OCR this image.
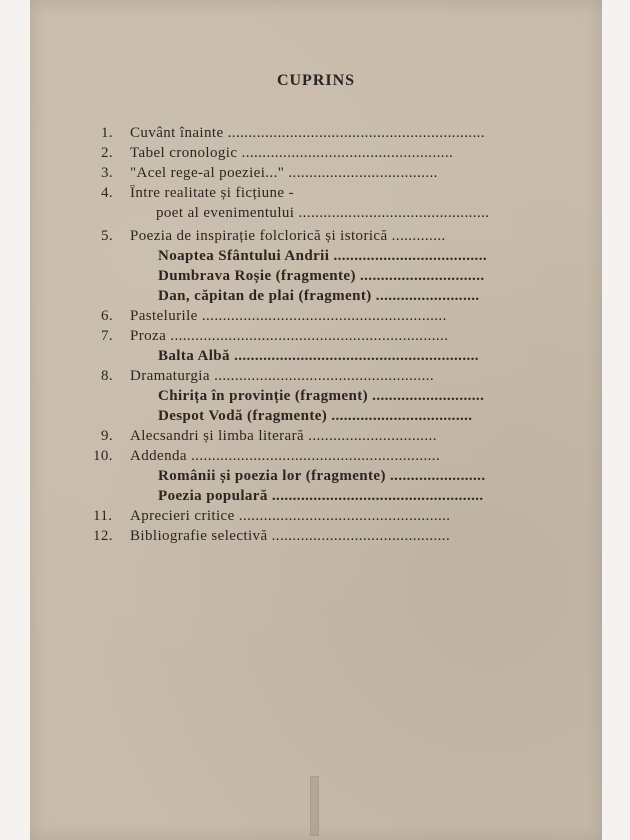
CUPRINS
1. Cuvânt înainte ..............................................................
2. Tabel cronologic ...................................................
3. "Acel rege-al poeziei..." ....................................
4. Între realitate și ficțiune -
poet al evenimentului ..............................................
5. Poezia de inspirație folclorică și istorică .............
Noaptea Sfântului Andrii .....................................
Dumbrava Roșie (fragmente) ..............................
Dan, căpitan de plai (fragment) .........................
6. Pastelurile ...........................................................
7. Proza ...................................................................
Balta Albă ...........................................................
8. Dramaturgia .....................................................
Chirița în provinție (fragment) ...........................
Despot Vodă (fragmente) ..................................
9. Alecsandri și limba literară ...............................
10. Addenda ............................................................
Românii și poezia lor (fragmente) .......................
Poezia populară ...................................................
11. Aprecieri critice ...................................................
12. Bibliografie selectivă ...........................................
